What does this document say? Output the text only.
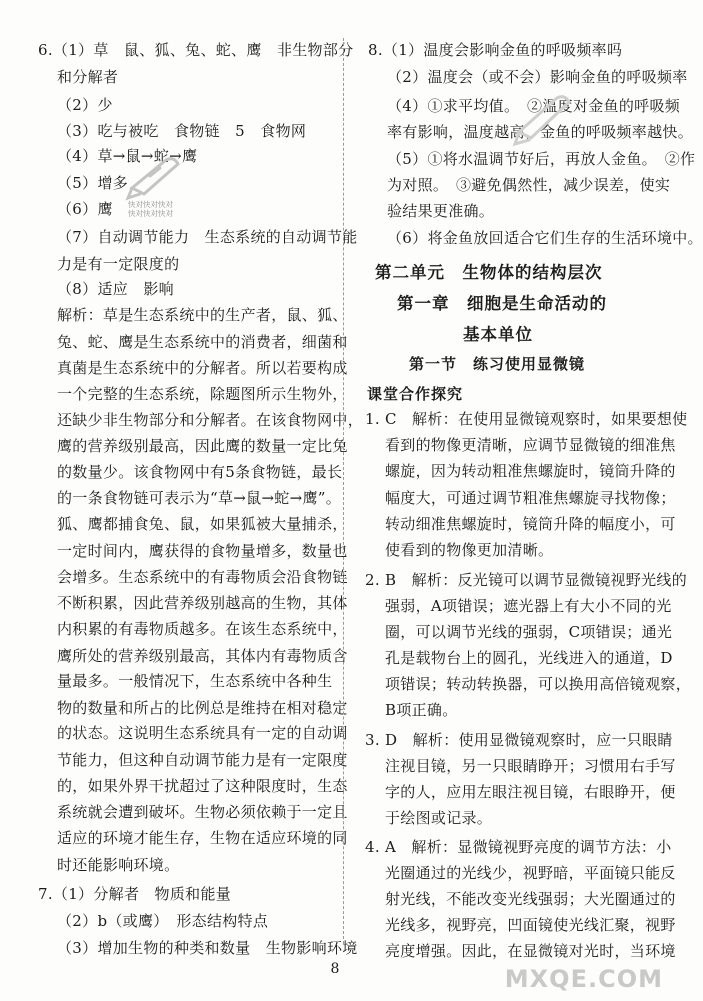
6.（1）草　鼠、狐、兔、蛇、鹰　非生物部分
和分解者
（2）少
（3）吃与被吃　食物链　5　食物网
（4）草→鼠→蛇→鹰
（5）增多
（6）鹰
（7）自动调节能力　生态系统的自动调节能
力是有一定限度的
（8）适应　影响
解析：草是生态系统中的生产者，鼠、狐、
兔、蛇、鹰是生态系统中的消费者，细菌和
真菌是生态系统中的分解者。所以若要构成
一个完整的生态系统，除题图所示生物外，
还缺少非生物部分和分解者。在该食物网中，
鹰的营养级别最高，因此鹰的数量一定比兔
的数量少。该食物网中有5条食物链，最长
的一条食物链可表示为“草→鼠→蛇→鹰”。
狐、鹰都捕食兔、鼠，如果狐被大量捕杀，
一定时间内，鹰获得的食物量增多，数量也
会增多。生态系统中的有毒物质会沿食物链
不断积累，因此营养级别越高的生物，其体
内积累的有毒物质越多。在该生态系统中，
鹰所处的营养级别最高，其体内有毒物质含
量最多。一般情况下，生态系统中各种生
物的数量和所占的比例总是维持在相对稳定
的状态。这说明生态系统具有一定的自动调
节能力，但这种自动调节能力是有一定限度
的，如果外界干扰超过了这种限度时，生态
系统就会遭到破坏。生物必须依赖于一定且
适应的环境才能生存，生物在适应环境的同
时还能影响环境。
7.（1）分解者　物质和能量
（2）b（或鹰）　形态结构特点
（3）增加生物的种类和数量　生物影响环境
8.（1）温度会影响金鱼的呼吸频率吗
（2）温度会（或不会）影响金鱼的呼吸频率
（4）①求平均值。　②温度对金鱼的呼吸频
率有影响，温度越高，金鱼的呼吸频率越快。
（5）①将水温调节好后，再放人金鱼。　②作
为对照。　③避免偶然性，减少误差，使实
验结果更准确。
（6）将金鱼放回适合它们生存的生活环境中。
第二单元　生物体的结构层次
第一章　细胞是生命活动的
基本单位
第一节　练习使用显微镜
课堂合作探究
1. C　解析：在使用显微镜观察时，如果要想使
看到的物像更清晰，应调节显微镜的细准焦
螺旋，因为转动粗准焦螺旋时，镜筒升降的
幅度大，可通过调节粗准焦螺旋寻找物像；
转动细准焦螺旋时，镜筒升降的幅度小，可
使看到的物像更加清晰。
2. B　解析：反光镜可以调节显微镜视野光线的
强弱，A项错误；遮光器上有大小不同的光
圈，可以调节光线的强弱，C项错误；通光
孔是载物台上的圆孔，光线进入的通道，D
项错误；转动转换器，可以换用高倍镜观察，
B项正确。
3. D　解析：使用显微镜观察时，应一只眼睛
注视目镜，另一只眼睛睁开；习惯用右手写
字的人，应用左眼注视目镜，右眼睁开，便
于绘图或记录。
4. A　解析：显微镜视野亮度的调节方法：小
光圈通过的光线少，视野暗，平面镜只能反
射光线，不能改变光线强弱；大光圈通过的
光线多，视野亮，凹面镜使光线汇聚，视野
亮度增强。因此，在显微镜对光时，当环境
快对快对快对
快对快对快对
8	MXQE.COM
